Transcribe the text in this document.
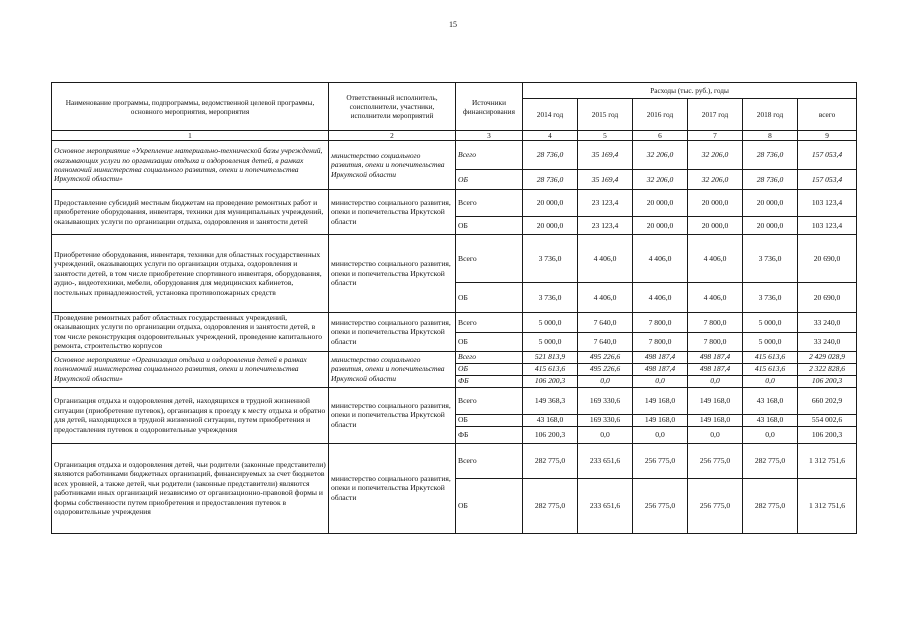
15
Наименование программы, подпрограммы, ведомственной целевой программы, основного мероприятия, мероприятия	Ответственный исполнитель, соисполнители, участники, исполнители мероприятий	Источники финансирования	Расходы (тыс. руб.), годы					
			2014 год	2015 год	2016 год	2017 год	2018 год	всего
1	2	3	4	5	6	7	8	9
Основное мероприятие «Укрепление материально-технической базы учреждений, оказывающих услуги по организации отдыха и оздоровления детей, в рамках полномочий министерства социального развития, опеки и попечительства Иркутской области»	министерство социального развития, опеки и попечительства Иркутской области	Всего	28 736,0	35 169,4	32 206,0	32 206,0	28 736,0	157 053,4
		ОБ	28 736,0	35 169,4	32 206,0	32 206,0	28 736,0	157 053,4
Предоставление субсидий местным бюджетам на проведение ремонтных работ и приобретение оборудования, инвентаря, техники для муниципальных учреждений, оказывающих услуги по организации отдыха, оздоровления и занятости детей	министерство социального развития, опеки и попечительства Иркутской области	Всего	20 000,0	23 123,4	20 000,0	20 000,0	20 000,0	103 123,4
		ОБ	20 000,0	23 123,4	20 000,0	20 000,0	20 000,0	103 123,4
Приобретение оборудования, инвентаря, техники для областных государственных учреждений, оказывающих услуги по организации отдыха, оздоровления и занятости детей, в том числе приобретение спортивного инвентаря, оборудования, аудио-, видеотехники, мебели, оборудования для медицинских кабинетов, постельных принадлежностей, установка противопожарных средств	министерство социального развития, опеки и попечительства Иркутской области	Всего	3 736,0	4 406,0	4 406,0	4 406,0	3 736,0	20 690,0
		ОБ	3 736,0	4 406,0	4 406,0	4 406,0	3 736,0	20 690,0
Проведение ремонтных работ областных государственных учреждений, оказывающих услуги по организации отдыха, оздоровления и занятости детей, в том числе реконструкция оздоровительных учреждений, проведение капитального ремонта, строительство корпусов	министерство социального развития, опеки и попечительства Иркутской области	Всего	5 000,0	7 640,0	7 800,0	7 800,0	5 000,0	33 240,0
		ОБ	5 000,0	7 640,0	7 800,0	7 800,0	5 000,0	33 240,0
Основное мероприятие «Организация отдыха и оздоровления детей в рамках полномочий министерства социального развития, опеки и попечительства Иркутской области»	министерство социального развития, опеки и попечительства Иркутской области	Всего	521 813,9	495 226,6	498 187,4	498 187,4	415 613,6	2 429 028,9
		ОБ	415 613,6	495 226,6	498 187,4	498 187,4	415 613,6	2 322 828,6
		ФБ	106 200,3	0,0	0,0	0,0	0,0	106 200,3
Организация отдыха и оздоровления детей, находящихся в трудной жизненной ситуации (приобретение путевок), организация к проезду к месту отдыха и обратно для детей, находящихся в трудной жизненной ситуации, путем приобретения и предоставления путевок в оздоровительные учреждения	министерство социального развития, опеки и попечительства Иркутской области	Всего	149 368,3	169 330,6	149 168,0	149 168,0	43 168,0	660 202,9
		ОБ	43 168,0	169 330,6	149 168,0	149 168,0	43 168,0	554 002,6
		ФБ	106 200,3	0,0	0,0	0,0	0,0	106 200,3
Организация отдыха и оздоровления детей, чьи родители (законные представители) являются работниками бюджетных организаций, финансируемых за счет бюджетов всех уровней, а также детей, чьи родители (законные представители) являются работниками иных организаций независимо от организационно-правовой формы и формы собственности путем приобретения и предоставления путевок в оздоровительные учреждения	министерство социального развития, опеки и попечительства Иркутской области	Всего	282 775,0	233 651,6	256 775,0	256 775,0	282 775,0	1 312 751,6
		ОБ	282 775,0	233 651,6	256 775,0	256 775,0	282 775,0	1 312 751,6
